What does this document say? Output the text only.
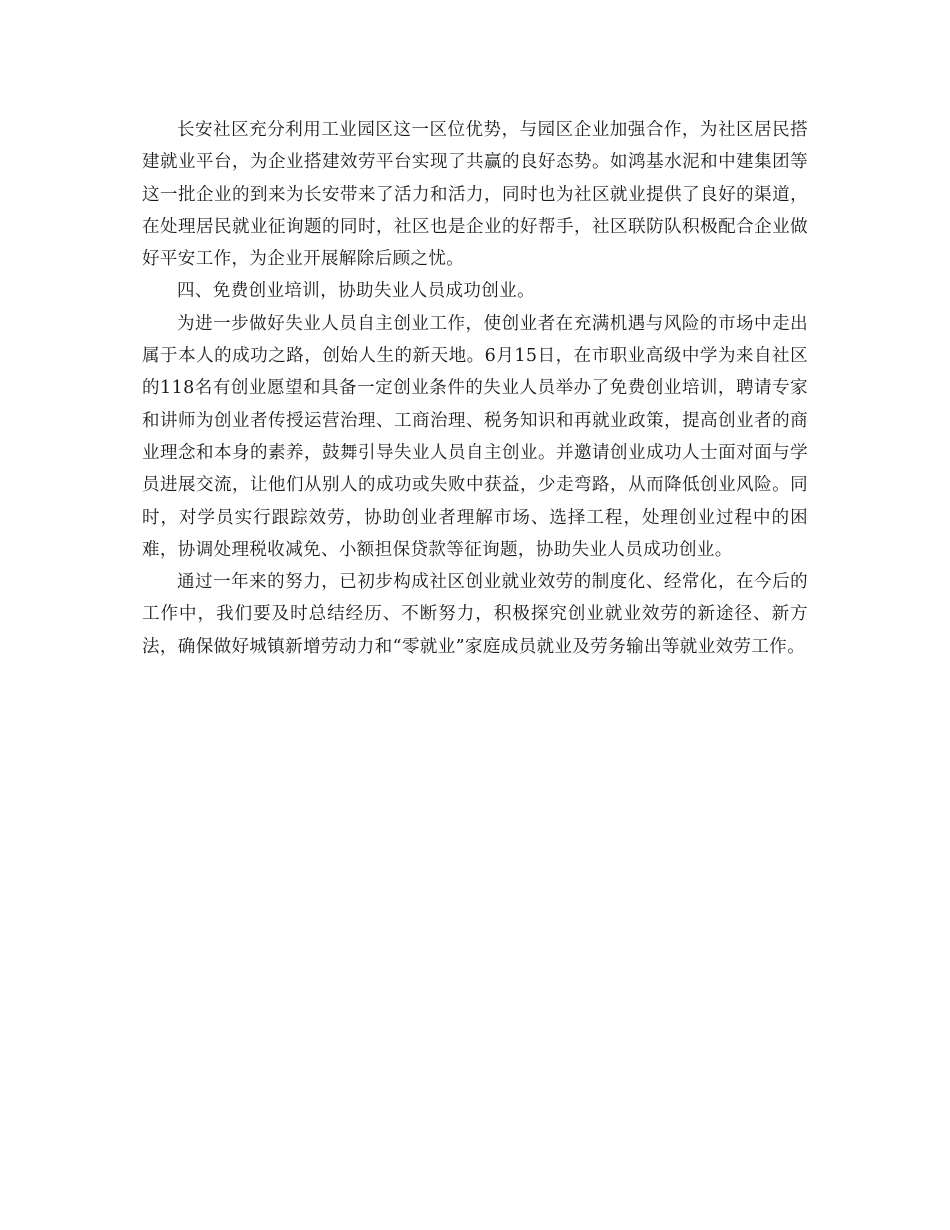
长安社区充分利用工业园区这一区位优势，与园区企业加强合作，为社区居民搭建就业平台，为企业搭建效劳平台实现了共赢的良好态势。如鸿基水泥和中建集团等这一批企业的到来为长安带来了活力和活力，同时也为社区就业提供了良好的渠道，在处理居民就业征询题的同时，社区也是企业的好帮手，社区联防队积极配合企业做好平安工作，为企业开展解除后顾之忧。

四、免费创业培训，协助失业人员成功创业。

为进一步做好失业人员自主创业工作，使创业者在充满机遇与风险的市场中走出属于本人的成功之路，创始人生的新天地。6月15日，在市职业高级中学为来自社区的118名有创业愿望和具备一定创业条件的失业人员举办了免费创业培训，聘请专家和讲师为创业者传授运营治理、工商治理、税务知识和再就业政策，提高创业者的商业理念和本身的素养，鼓舞引导失业人员自主创业。并邀请创业成功人士面对面与学员进展交流，让他们从别人的成功或失败中获益，少走弯路，从而降低创业风险。同时，对学员实行跟踪效劳，协助创业者理解市场、选择工程，处理创业过程中的困难，协调处理税收减免、小额担保贷款等征询题，协助失业人员成功创业。

通过一年来的努力，已初步构成社区创业就业效劳的制度化、经常化，在今后的工作中，我们要及时总结经历、不断努力，积极探究创业就业效劳的新途径、新方法，确保做好城镇新增劳动力和“零就业”家庭成员就业及劳务输出等就业效劳工作。
